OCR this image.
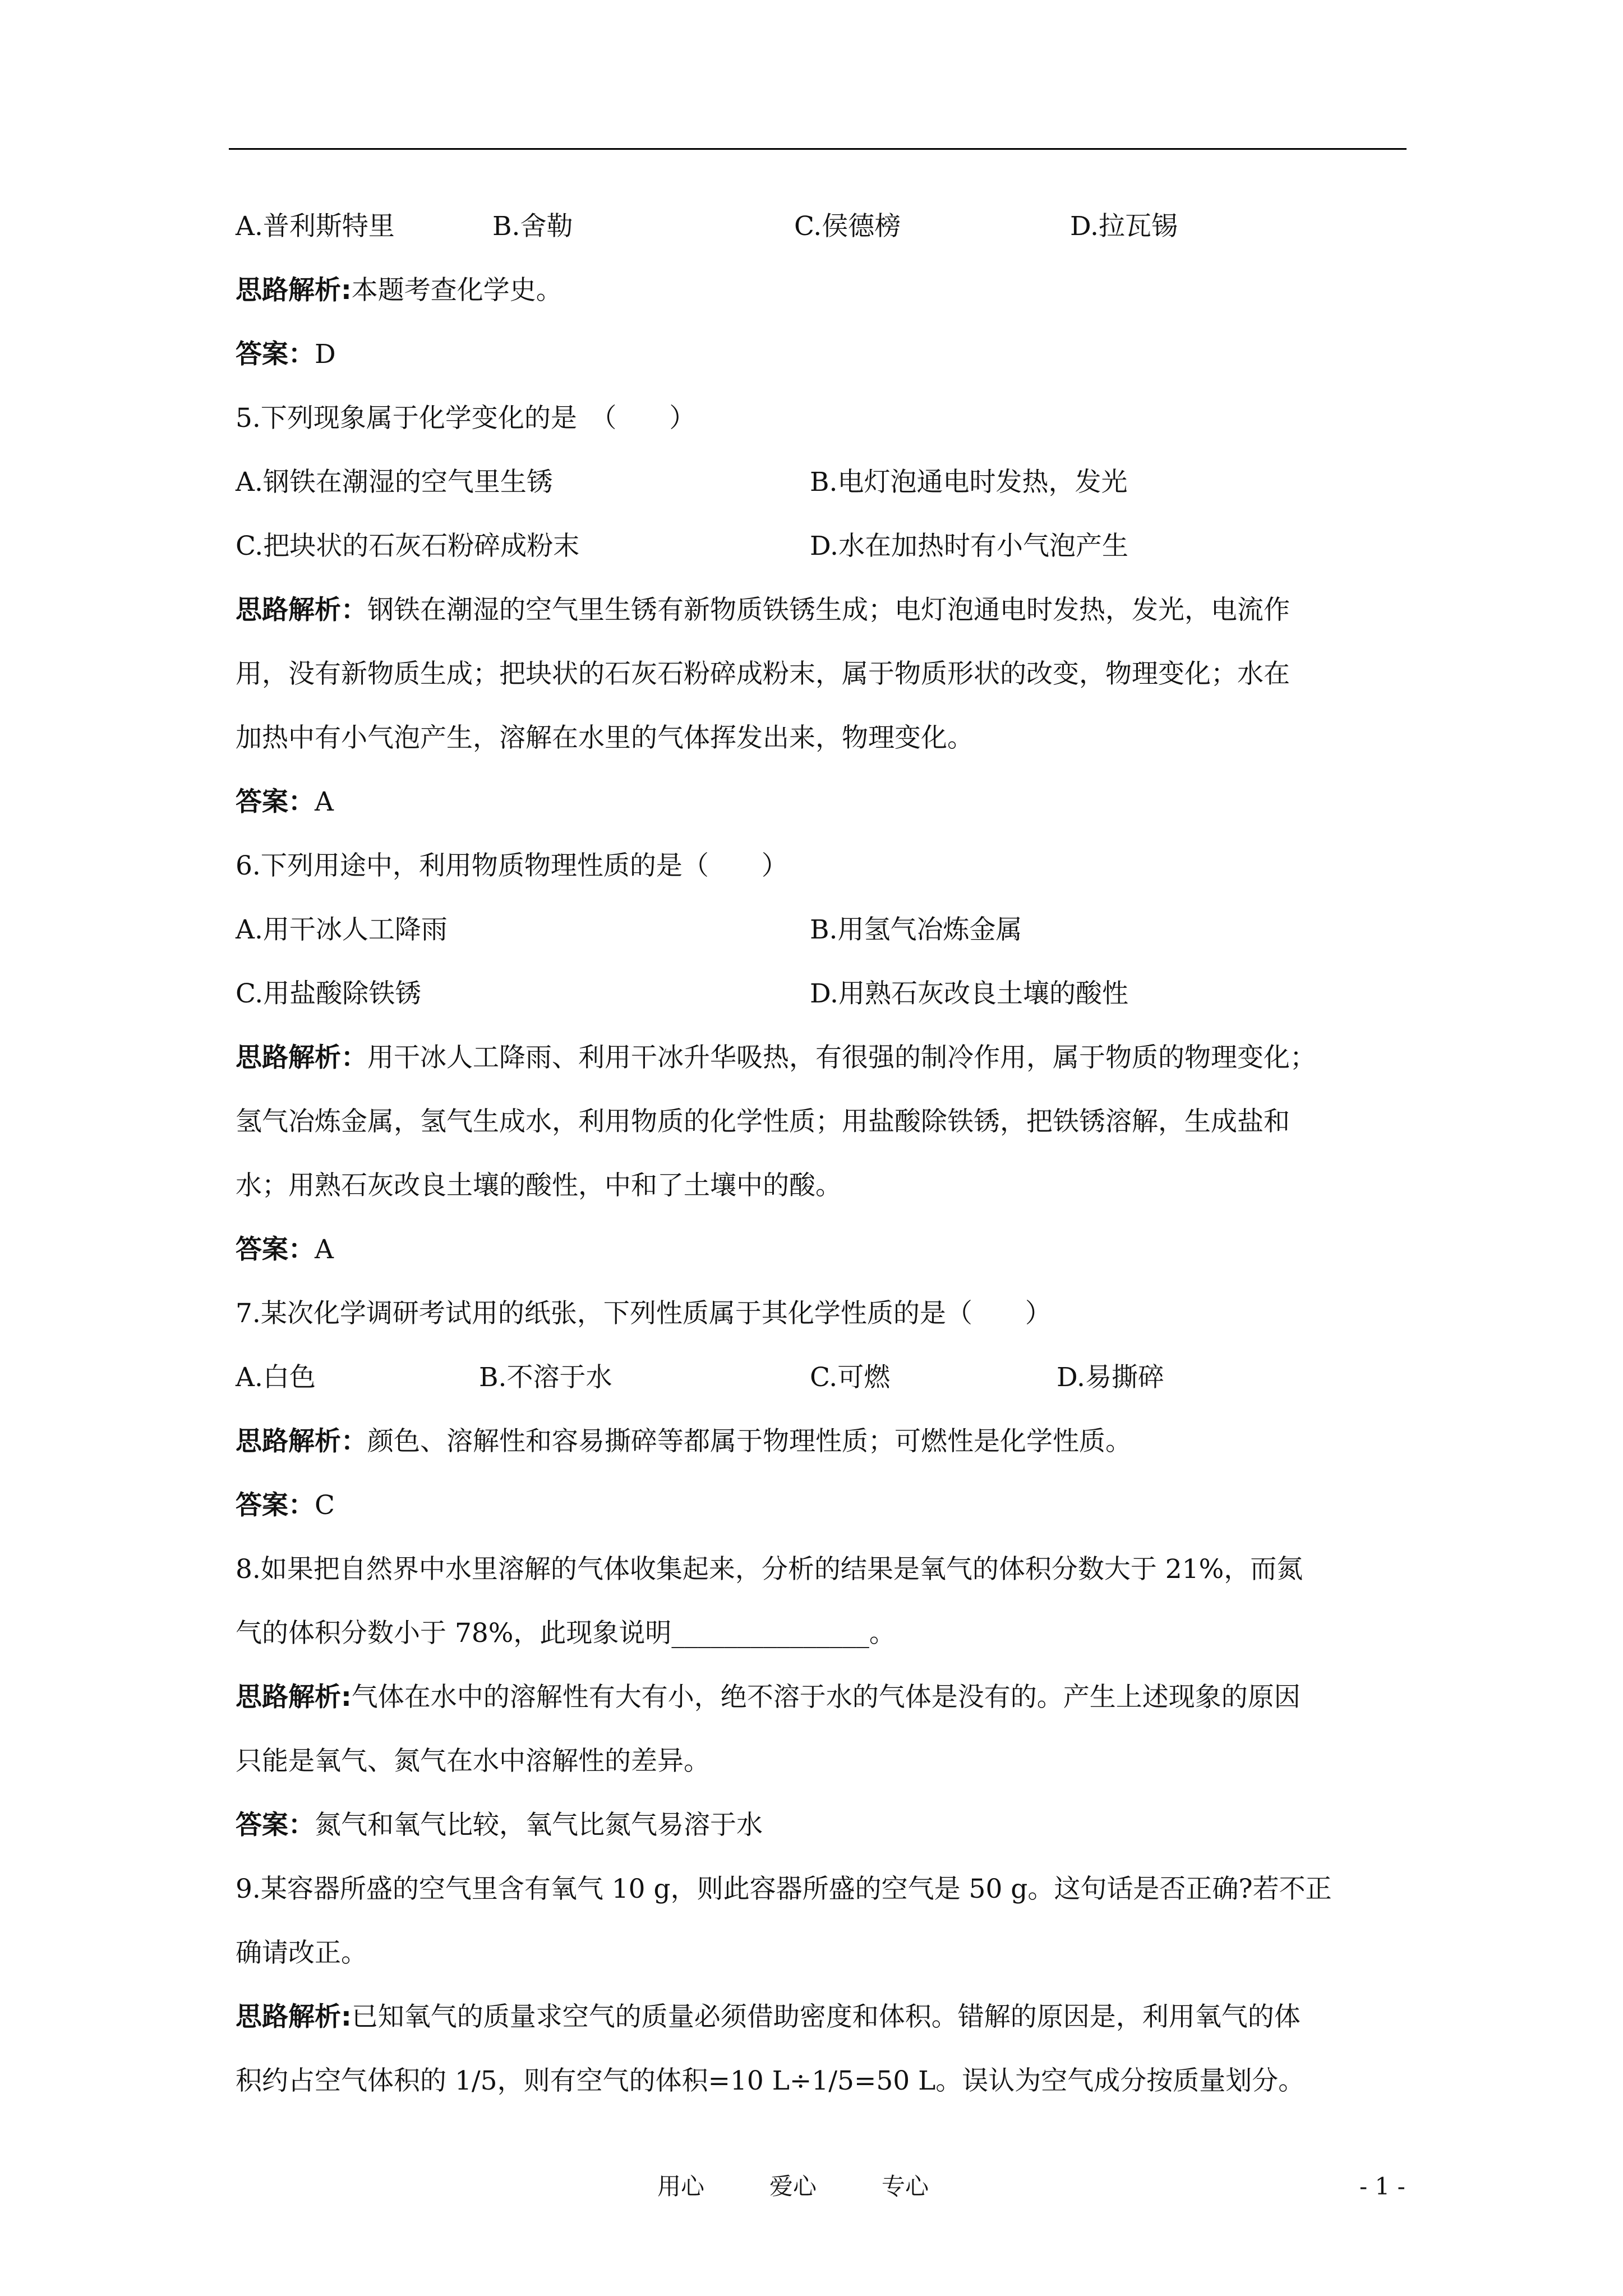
A.普利斯特里	B.舍勒	C.侯德榜	D.拉瓦锡
思路解析:本题考查化学史。
答案：D
5.下列现象属于化学变化的是　（　　）
A.钢铁在潮湿的空气里生锈	B.电灯泡通电时发热，发光
C.把块状的石灰石粉碎成粉末	D.水在加热时有小气泡产生
思路解析：钢铁在潮湿的空气里生锈有新物质铁锈生成；电灯泡通电时发热，发光，电流作
用，没有新物质生成；把块状的石灰石粉碎成粉末，属于物质形状的改变，物理变化；水在
加热中有小气泡产生，溶解在水里的气体挥发出来，物理变化。
答案：A
6.下列用途中，利用物质物理性质的是（　　）
A.用干冰人工降雨	B.用氢气冶炼金属
C.用盐酸除铁锈	D.用熟石灰改良土壤的酸性
思路解析：用干冰人工降雨、利用干冰升华吸热，有很强的制冷作用，属于物质的物理变化；
氢气冶炼金属，氢气生成水，利用物质的化学性质；用盐酸除铁锈，把铁锈溶解，生成盐和
水；用熟石灰改良土壤的酸性，中和了土壤中的酸。
答案：A
7.某次化学调研考试用的纸张，下列性质属于其化学性质的是（　　）
A.白色	B.不溶于水	C.可燃	D.易撕碎
思路解析：颜色、溶解性和容易撕碎等都属于物理性质；可燃性是化学性质。
答案：C
8.如果把自然界中水里溶解的气体收集起来，分析的结果是氧气的体积分数大于 21%，而氮
气的体积分数小于 78%，此现象说明_______________。
思路解析:气体在水中的溶解性有大有小，绝不溶于水的气体是没有的。产生上述现象的原因
只能是氧气、氮气在水中溶解性的差异。
答案：氮气和氧气比较，氧气比氮气易溶于水
9.某容器所盛的空气里含有氧气 10 g，则此容器所盛的空气是 50 g。这句话是否正确?若不正
确请改正。
思路解析:已知氧气的质量求空气的质量必须借助密度和体积。错解的原因是，利用氧气的体
积约占空气体积的 1/5，则有空气的体积=10 L÷1/5=50 L。误认为空气成分按质量划分。
用心	爱心	专心	- 1 -
